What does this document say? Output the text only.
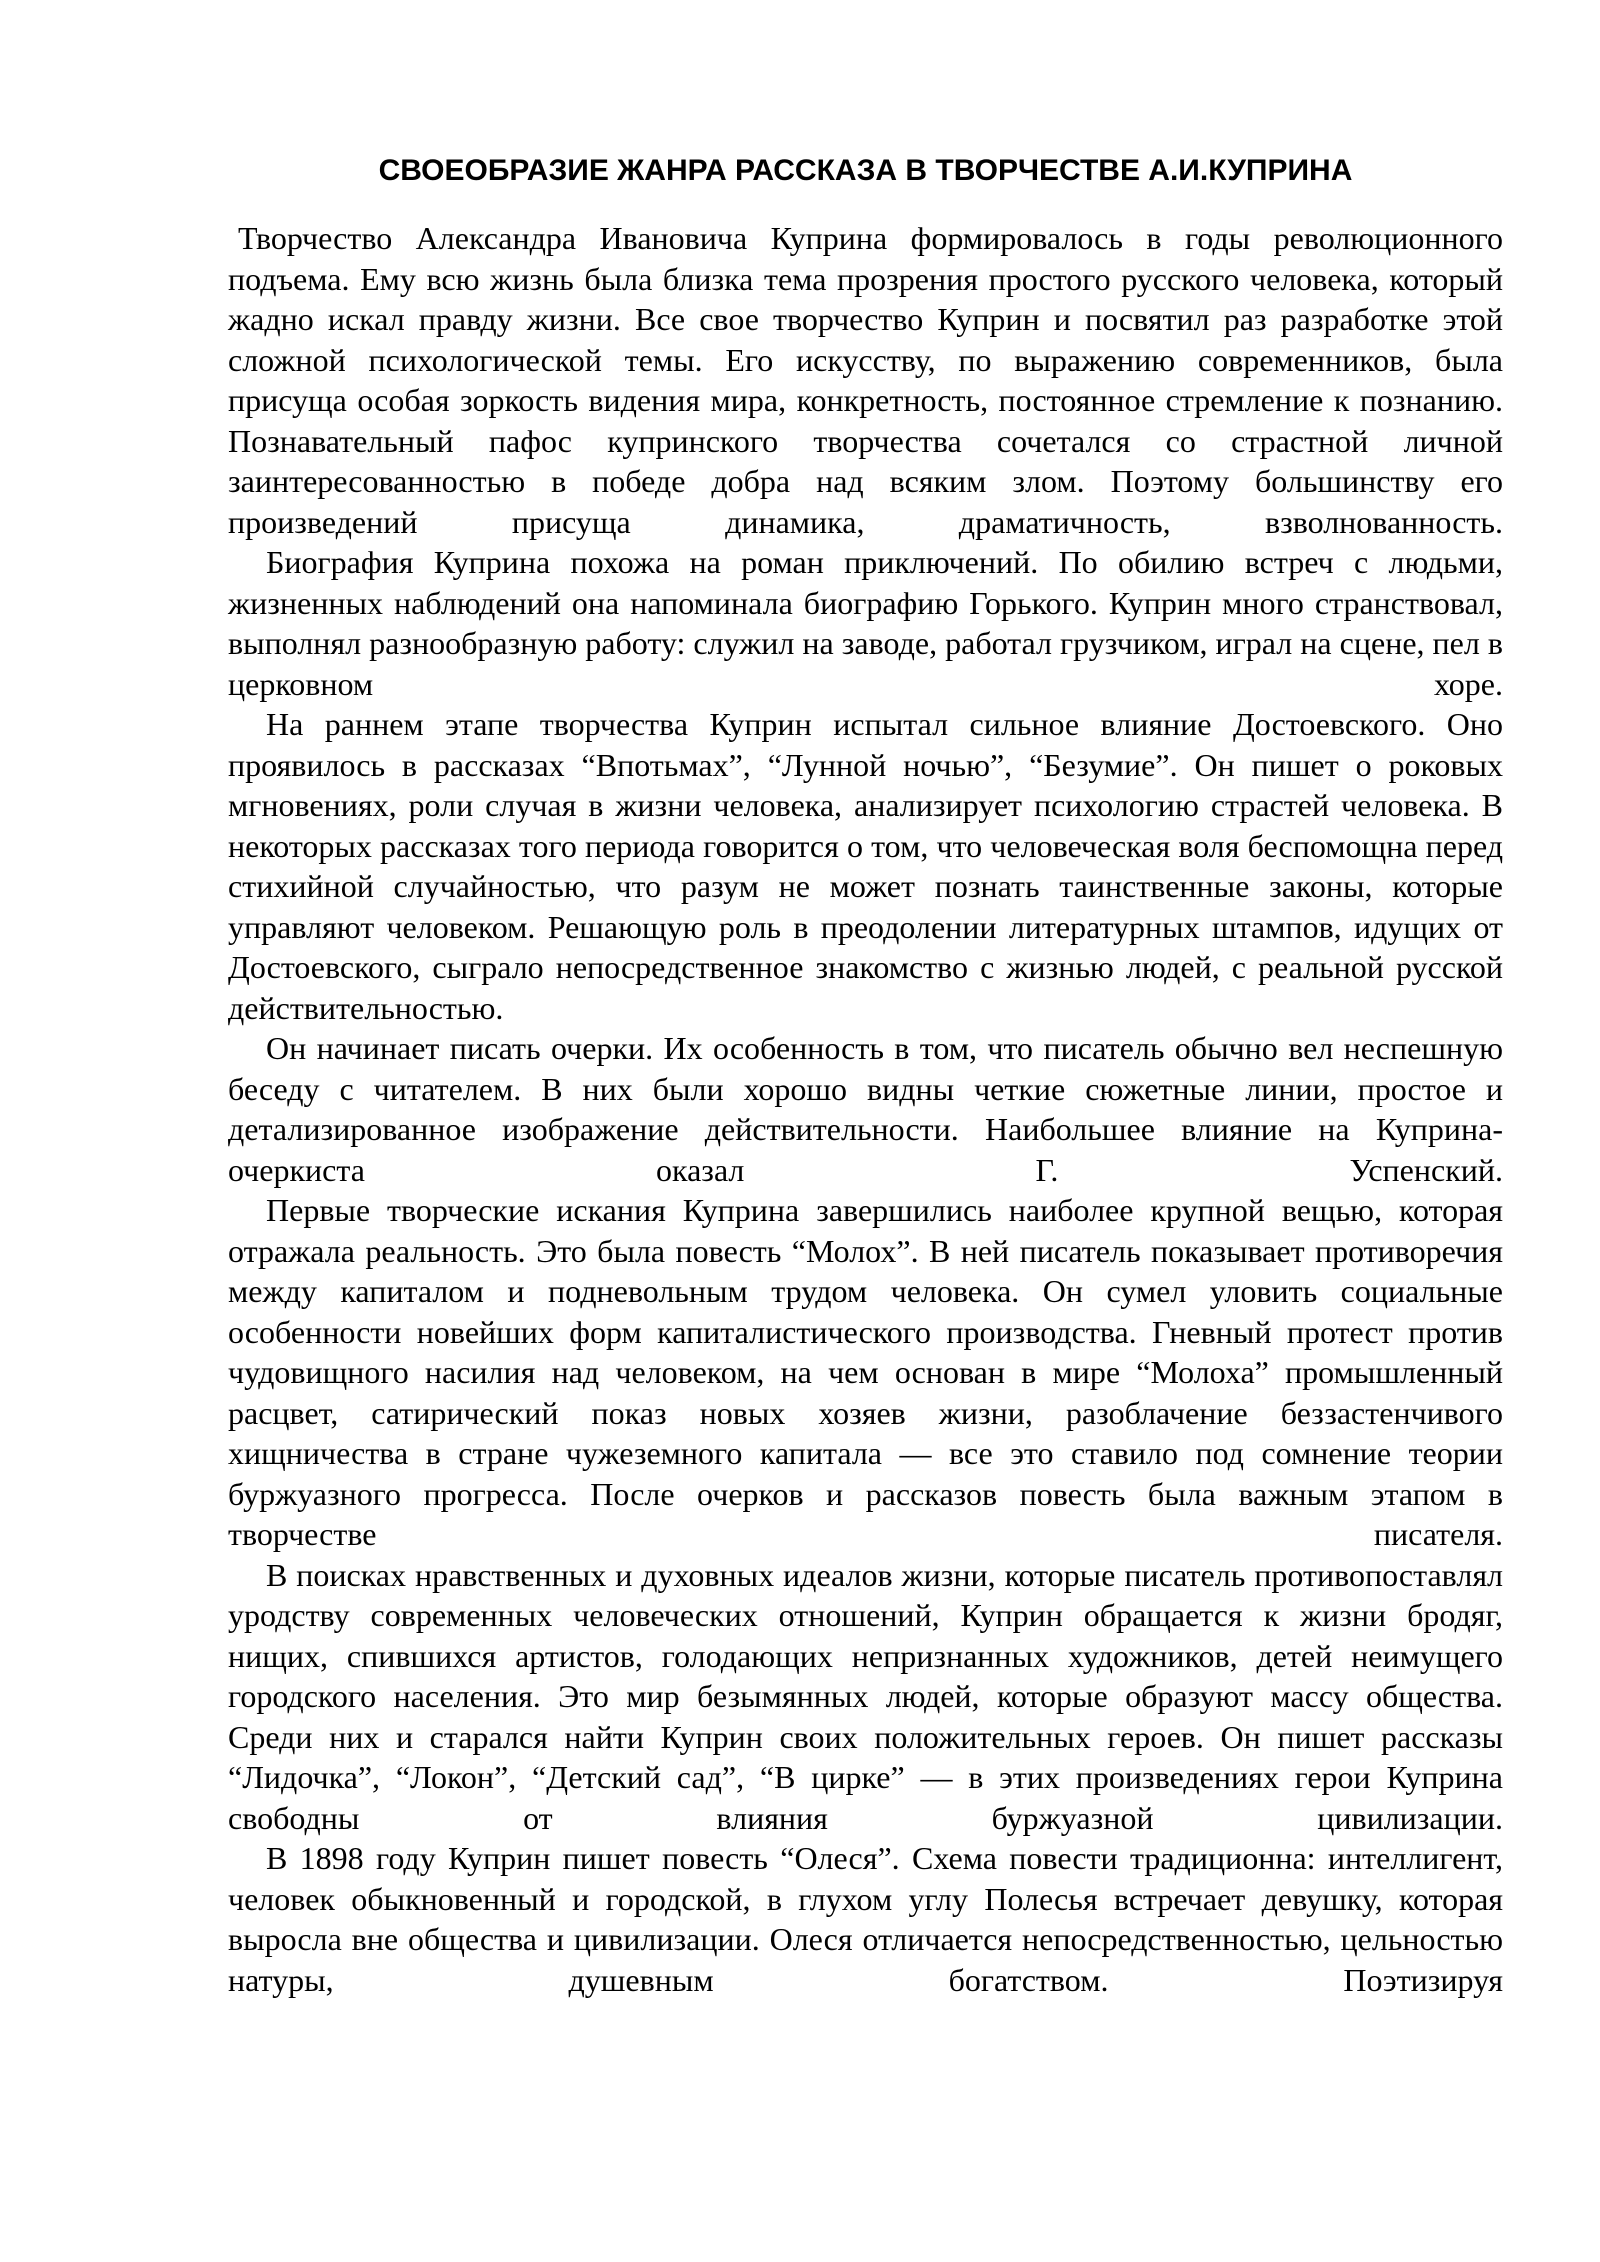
СВОЕОБРАЗИЕ ЖАНРА РАССКАЗА В ТВОРЧЕСТВЕ А.И.КУПРИНА

Творчество Александра Ивановича Куприна формировалось в годы революционного подъема. Ему всю жизнь была близка тема прозрения простого русского человека, который жадно искал правду жизни. Все свое творчество Куприн и посвятил раз разработке этой сложной психологической темы. Его искусству, по выражению современников, была присуща особая зоркость видения мира, конкретность, постоянное стремление к познанию. Познавательный пафос купринского творчества сочетался со страстной личной заинтересованностью в победе добра над всяким злом. Поэтому большинству его произведений присуща динамика, драматичность, взволнованность.

Биография Куприна похожа на роман приключений. По обилию встреч с людьми, жизненных наблюдений она напоминала биографию Горького. Куприн много странствовал, выполнял разнообразную работу: служил на заводе, работал грузчиком, играл на сцене, пел в церковном хоре.

На раннем этапе творчества Куприн испытал сильное влияние Достоевского. Оно проявилось в рассказах “Впотьмах”, “Лунной ночью”, “Безумие”. Он пишет о роковых мгновениях, роли случая в жизни человека, анализирует психологию страстей человека. В некоторых рассказах того периода говорится о том, что человеческая воля беспомощна перед стихийной случайностью, что разум не может познать таинственные законы, которые управляют человеком. Решающую роль в преодолении литературных штампов, идущих от Достоевского, сыграло непосредственное знакомство с жизнью людей, с реальной русской действительностью.

Он начинает писать очерки. Их особенность в том, что писатель обычно вел неспешную беседу с читателем. В них были хорошо видны четкие сюжетные линии, простое и детализированное изображение действительности. Наибольшее влияние на Куприна-очеркиста оказал Г. Успенский.

Первые творческие искания Куприна завершились наиболее крупной вещью, которая отражала реальность. Это была повесть “Молох”. В ней писатель показывает противоречия между капиталом и подневольным трудом человека. Он сумел уловить социальные особенности новейших форм капиталистического производства. Гневный протест против чудовищного насилия над человеком, на чем основан в мире “Молоха” промышленный расцвет, сатирический показ новых хозяев жизни, разоблачение беззастенчивого хищничества в стране чужеземного капитала — все это ставило под сомнение теории буржуазного прогресса. После очерков и рассказов повесть была важным этапом в творчестве писателя.

В поисках нравственных и духовных идеалов жизни, которые писатель противопоставлял уродству современных человеческих отношений, Куприн обращается к жизни бродяг, нищих, спившихся артистов, голодающих непризнанных художников, детей неимущего городского населения. Это мир безымянных людей, которые образуют массу общества. Среди них и старался найти Куприн своих положительных героев. Он пишет рассказы “Лидочка”, “Локон”, “Детский сад”, “В цирке” — в этих произведениях герои Куприна свободны от влияния буржуазной цивилизации.

В 1898 году Куприн пишет повесть “Олеся”. Схема повести традиционна: интеллигент, человек обыкновенный и городской, в глухом углу Полесья встречает девушку, которая выросла вне общества и цивилизации. Олеся отличается непосредственностью, цельностью натуры, душевным богатством. Поэтизируя
